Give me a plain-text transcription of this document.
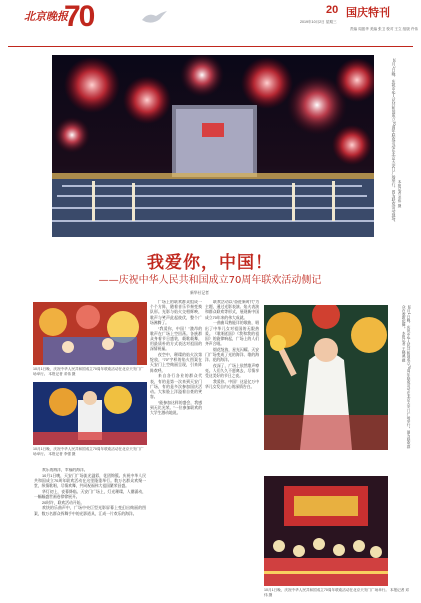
北京晚报
70	20 国庆特刊
2019年10月2日 星期三
责编 周振华 美编 张卫 校对 王立 组版 许伟
10月1日晚，庆祝中华人民共和国成立70周年联欢活动在北京天安门广场举行。图为联欢活动现场。 本报记者 邓伟 摄
我爱你，中国！
——庆祝中华人民共和国成立70周年联欢活动侧记
新华社记者
10月1日晚，庆祝中华人民共和国成立70周年联欢活动在北京天安门广场举行。 本报记者 邓伟 摄
10月1日晚，庆祝中华人民共和国成立70周年联欢活动在北京天安门广场举行。 本报记者 李强 摄

欢乐的海洋，幸福的海洋。

10月1日晚，天安门广场流光溢彩，花团锦簇。庆祝中华人民共和国成立70周年联欢活动在这里隆重举行。数万名群众欢聚一堂，纵情歌唱，尽情欢舞，共同祝福伟大祖国繁荣昌盛。

华灯初上，夜幕降临。天安门广场上，灯光璀璨，人潮涌动，一幅幅盛世画卷徐徐展开。

20时许，联欢活动开始。

欢快的乐曲声中，广场中央巨型光影屏幕上变幻出绚丽的图案，数万名群众挥舞手中的光影道具，汇成一片欢乐的海洋。

广场上的联欢群众组成一个个方阵，随着音乐节奏变换队形。光影与焰火交相辉映，歌声与笑声此起彼伏，整个广场沸腾了。

“我爱你，中国！”激昂的歌声在广场上空回荡。各族群众身着节日盛装，载歌载舞，用最质朴的方式表达对祖国的深情祝福。

夜空中，璀璨的焰火次第绽放，“70”字样的焰火图案在天安门上空绚丽呈现，引来阵阵欢呼。

来自各行各业的群众代表，有的是第一次来到天安门广场，有的是多次参加国庆活动。大家脸上洋溢着自豪的笑容。

“能参加这样的盛会，我感到无比光荣。”一位参加联欢的大学生激动地说。

联欢活动以“奋进新时代”为主题，通过光影表演、焰火表演和群众联欢等形式，展现新中国成立70年来的伟大成就。

一曲曲耳熟能详的歌曲，唱出了中华儿女对祖国的无限热爱。《歌唱祖国》《我和我的祖国》的旋律响起，广场上的人们齐声合唱。

烟花绽放，星光闪耀。天安门广场变成了光的海洋、歌的海洋、花的海洋。

夜深了，广场上依然歌声嘹亮。人们久久不愿离去，尽情享受这美好的节日之夜。

我爱你，中国！这是亿万中华儿女发自内心的深情告白。	10月1日晚，庆祝中华人民共和国成立70周年联欢活动在北京天安门广场举行。图为联欢群众在欢歌起舞。 本报记者 王晓溪 摄
10月1日晚，庆祝中华人民共和国成立70周年联欢活动在北京天安门广场举行。 本报记者 邓伟 摄
